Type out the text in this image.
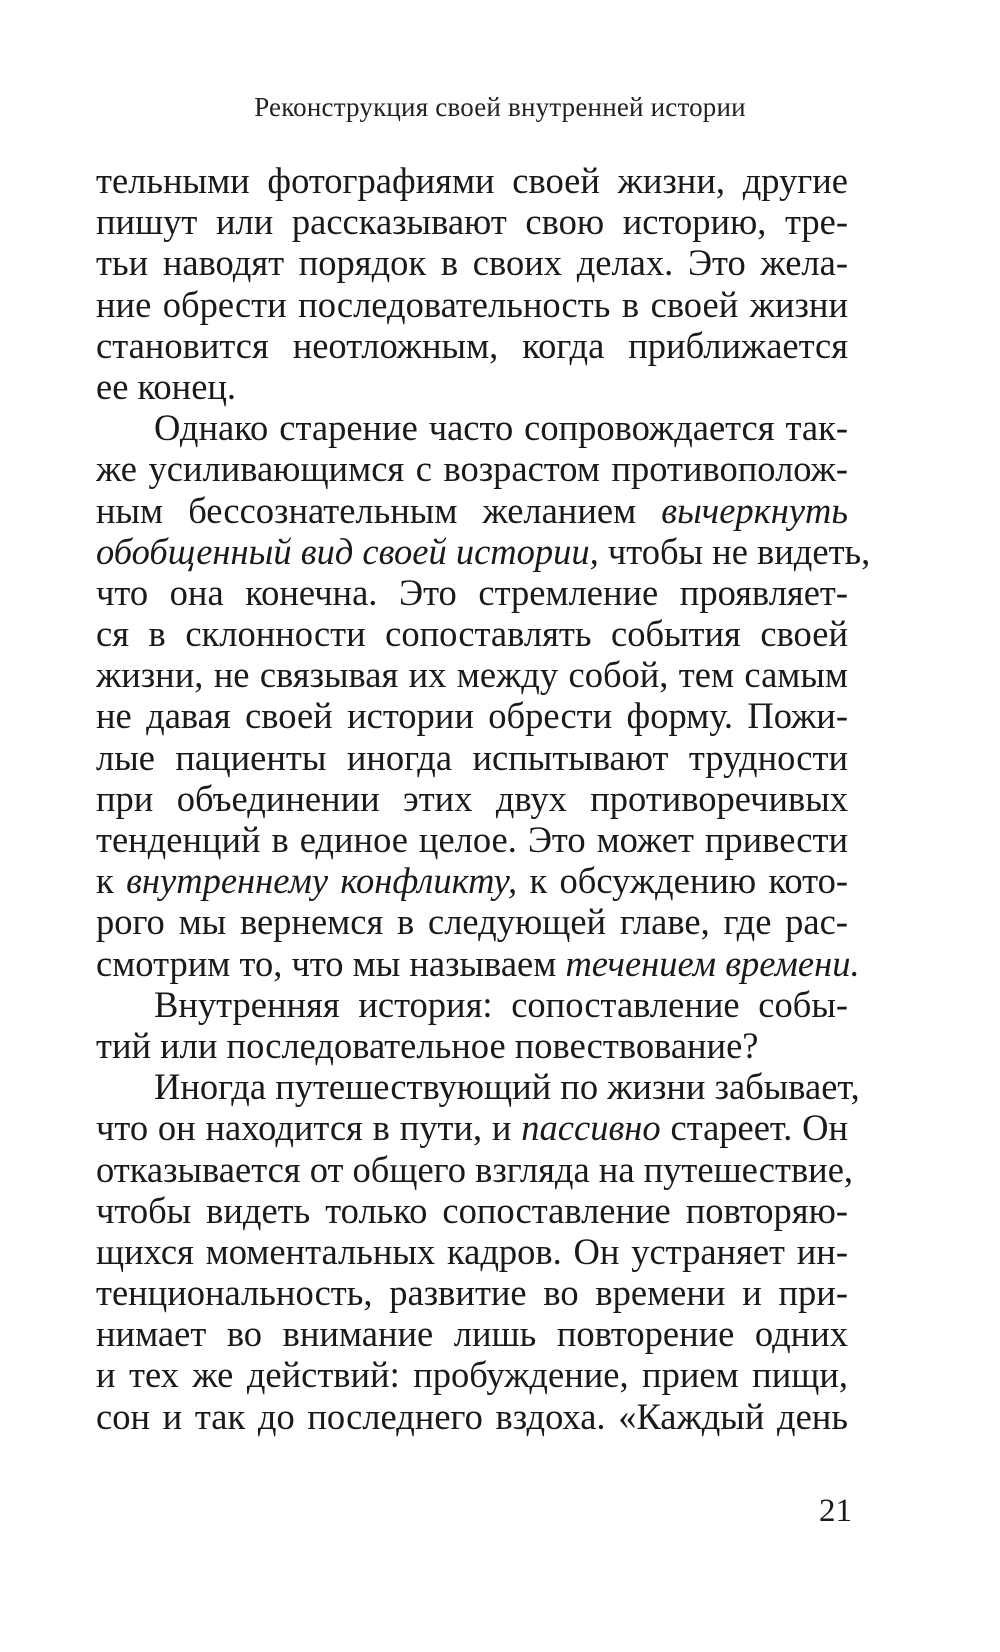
Реконструкция своей внутренней истории
тельными фотографиями своей жизни, другие
пишут или рассказывают свою историю, тре-
тьи наводят порядок в своих делах. Это жела-
ние обрести последовательность в своей жизни
становится неотложным, когда приближается
ее конец.
Однако старение часто сопровождается так-
же усиливающимся с возрастом противополож-
ным бессознательным желанием вычеркнуть
обобщенный вид своей истории, чтобы не видеть,
что она конечна. Это стремление проявляет-
ся в склонности сопоставлять события своей
жизни, не связывая их между собой, тем самым
не давая своей истории обрести форму. Пожи-
лые пациенты иногда испытывают трудности
при объединении этих двух противоречивых
тенденций в единое целое. Это может привести
к внутреннему конфликту, к обсуждению кото-
рого мы вернемся в следующей главе, где рас-
смотрим то, что мы называем течением времени.
Внутренняя история: сопоставление собы-
тий или последовательное повествование?
Иногда путешествующий по жизни забывает,
что он находится в пути, и пассивно стареет. Он
отказывается от общего взгляда на путешествие,
чтобы видеть только сопоставление повторяю-
щихся моментальных кадров. Он устраняет ин-
тенциональность, развитие во времени и при-
нимает во внимание лишь повторение одних
и тех же действий: пробуждение, прием пищи,
сон и так до последнего вздоха. «Каждый день
21
